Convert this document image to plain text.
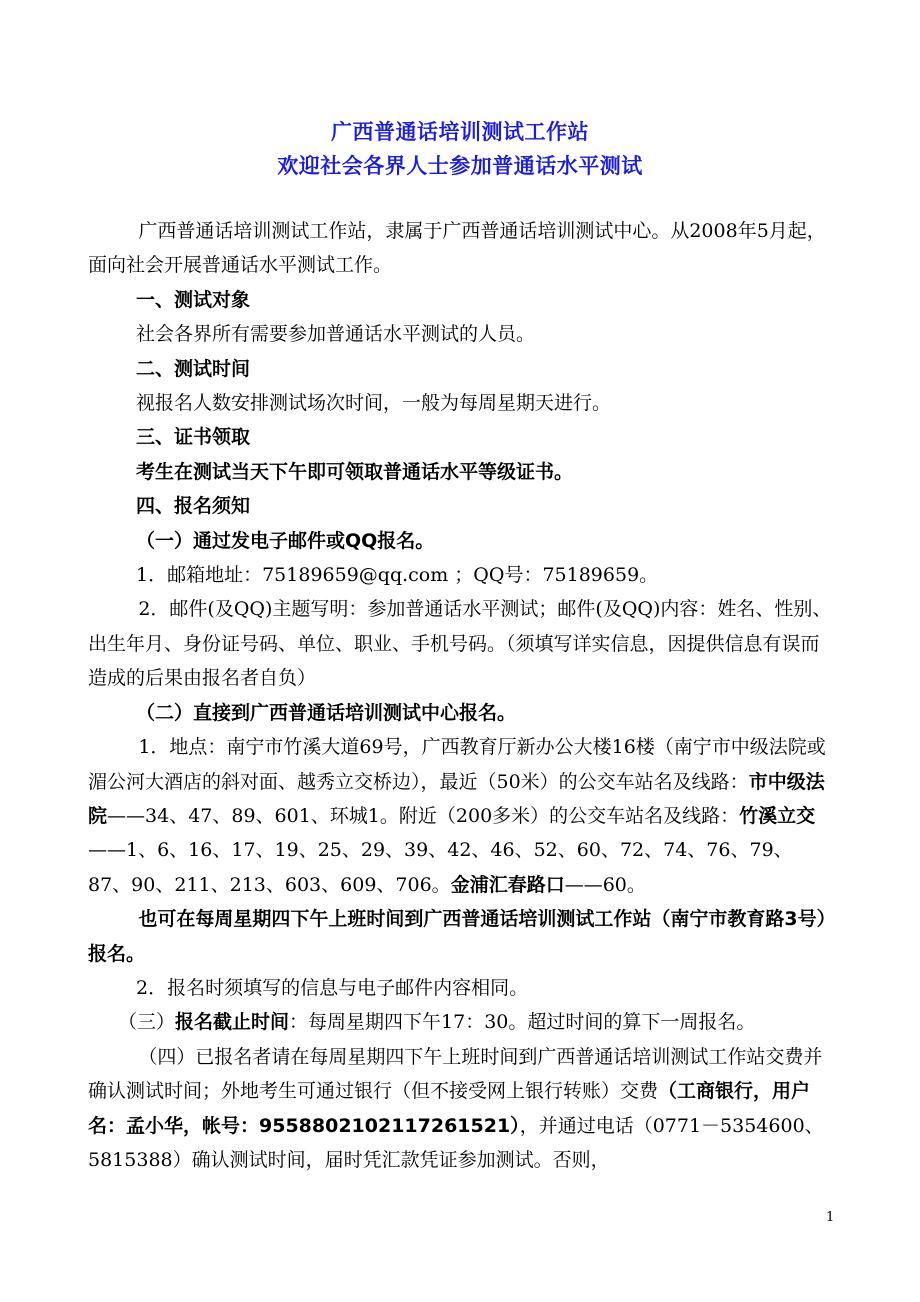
广西普通话培训测试工作站
欢迎社会各界人士参加普通话水平测试

广西普通话培训测试工作站，隶属于广西普通话培训测试中心。从2008年5月起，面向社会开展普通话水平测试工作。

一、测试对象

社会各界所有需要参加普通话水平测试的人员。

二、测试时间

视报名人数安排测试场次时间，一般为每周星期天进行。

三、证书领取

考生在测试当天下午即可领取普通话水平等级证书。

四、报名须知

（一）通过发电子邮件或QQ报名。

1．邮箱地址：75189659@qq.com ；QQ号：75189659。

2．邮件(及QQ)主题写明：参加普通话水平测试；邮件(及QQ)内容：姓名、性别、出生年月、身份证号码、单位、职业、手机号码。（须填写详实信息，因提供信息有误而造成的后果由报名者自负）

（二）直接到广西普通话培训测试中心报名。

1．地点：南宁市竹溪大道69号，广西教育厅新办公大楼16楼（南宁市中级法院或湄公河大酒店的斜对面、越秀立交桥边），最近（50米）的公交车站名及线路：市中级法院——34、47、89、601、环城1。附近（200多米）的公交车站名及线路：竹溪立交——1、6、16、17、19、25、29、39、42、46、52、60、72、74、76、79、87、90、211、213、603、609、706。金浦汇春路口——60。

也可在每周星期四下午上班时间到广西普通话培训测试工作站（南宁市教育路3号）报名。

2．报名时须填写的信息与电子邮件内容相同。

（三）报名截止时间：每周星期四下午17：30。超过时间的算下一周报名。

（四）已报名者请在每周星期四下午上班时间到广西普通话培训测试工作站交费并确认测试时间；外地考生可通过银行（但不接受网上银行转账）交费（工商银行，用户名：孟小华，帐号：9558802102117261521），并通过电话（0771－5354600、5815388）确认测试时间，届时凭汇款凭证参加测试。否则，

1
